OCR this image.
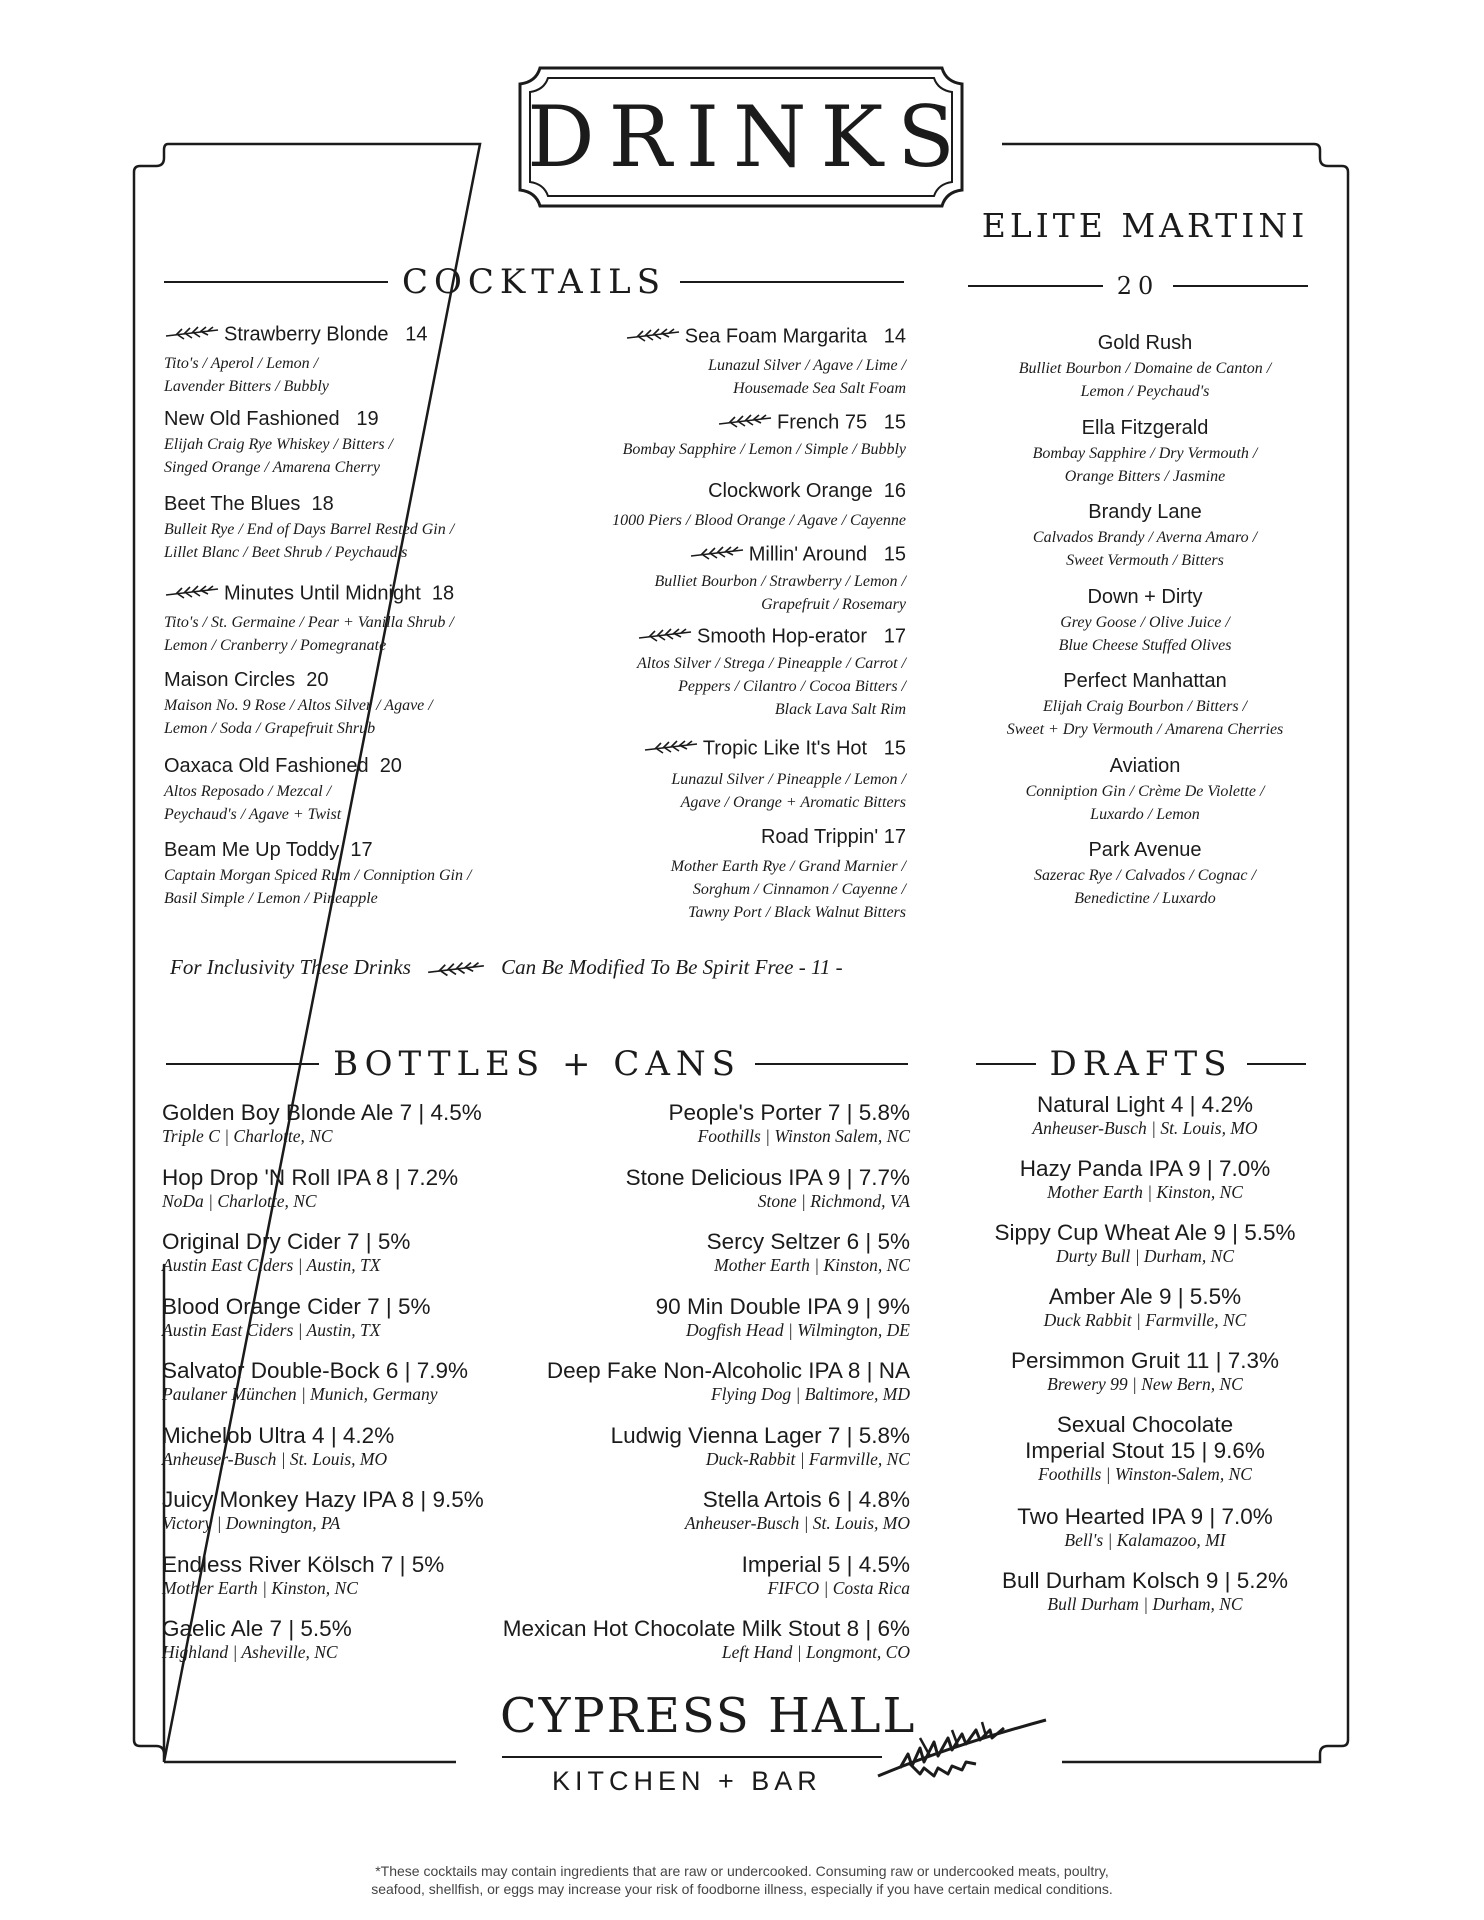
DRINKS
COCKTAILS
Strawberry Blonde 14
Tito's / Aperol / Lemon /
Lavender Bitters / Bubbly
New Old Fashioned 19
Elijah Craig Rye Whiskey / Bitters /
Singed Orange / Amarena Cherry
Beet The Blues 18
Bulleit Rye / End of Days Barrel Rested Gin /
Lillet Blanc / Beet Shrub / Peychaud's
Minutes Until Midnight 18
Tito's / St. Germaine / Pear + Vanilla Shrub /
Lemon / Cranberry / Pomegranate
Maison Circles 20
Maison No. 9 Rose / Altos Silver / Agave /
Lemon / Soda / Grapefruit Shrub
Oaxaca Old Fashioned 20
Altos Reposado / Mezcal /
Peychaud's / Agave + Twist
Beam Me Up Toddy 17
Captain Morgan Spiced Rum / Conniption Gin /
Basil Simple / Lemon / Pineapple
Sea Foam Margarita 14
Lunazul Silver / Agave / Lime /
Housemade Sea Salt Foam
French 75 15
Bombay Sapphire / Lemon / Simple / Bubbly
Clockwork Orange 16
1000 Piers / Blood Orange / Agave / Cayenne
Millin' Around 15
Bulliet Bourbon / Strawberry / Lemon /
Grapefruit / Rosemary
Smooth Hop-erator 17
Altos Silver / Strega / Pineapple / Carrot /
Peppers / Cilantro / Cocoa Bitters /
Black Lava Salt Rim
Tropic Like It's Hot 15
Lunazul Silver / Pineapple / Lemon /
Agave / Orange + Aromatic Bitters
Road Trippin' 17
Mother Earth Rye / Grand Marnier /
Sorghum / Cinnamon / Cayenne /
Tawny Port / Black Walnut Bitters
For Inclusivity These Drinks	Can Be Modified To Be Spirit Free - 11 -
ELITE MARTINI
20
Gold Rush
Bulliet Bourbon / Domaine de Canton /
Lemon / Peychaud's
Ella Fitzgerald
Bombay Sapphire / Dry Vermouth /
Orange Bitters / Jasmine
Brandy Lane
Calvados Brandy / Averna Amaro /
Sweet Vermouth / Bitters
Down + Dirty
Grey Goose / Olive Juice /
Blue Cheese Stuffed Olives
Perfect Manhattan
Elijah Craig Bourbon / Bitters /
Sweet + Dry Vermouth / Amarena Cherries
Aviation
Conniption Gin / Crème De Violette /
Luxardo / Lemon
Park Avenue
Sazerac Rye / Calvados / Cognac /
Benedictine / Luxardo
BOTTLES + CANS
Golden Boy Blonde Ale 7 | 4.5%
Triple C | Charlotte, NC
Hop Drop 'N Roll IPA 8 | 7.2%
NoDa | Charlotte, NC
Original Dry Cider 7 | 5%
Austin East Ciders | Austin, TX
Blood Orange Cider 7 | 5%
Austin East Ciders | Austin, TX
Salvator Double-Bock 6 | 7.9%
Paulaner München | Munich, Germany
Michelob Ultra 4 | 4.2%
Anheuser-Busch | St. Louis, MO
Juicy Monkey Hazy IPA 8 | 9.5%
Victory | Downington, PA
Endless River Kölsch 7 | 5%
Mother Earth | Kinston, NC
Gaelic Ale 7 | 5.5%
Highland | Asheville, NC
People's Porter 7 | 5.8%
Foothills | Winston Salem, NC
Stone Delicious IPA 9 | 7.7%
Stone | Richmond, VA
Sercy Seltzer 6 | 5%
Mother Earth | Kinston, NC
90 Min Double IPA 9 | 9%
Dogfish Head | Wilmington, DE
Deep Fake Non-Alcoholic IPA 8 | NA
Flying Dog | Baltimore, MD
Ludwig Vienna Lager 7 | 5.8%
Duck-Rabbit | Farmville, NC
Stella Artois 6 | 4.8%
Anheuser-Busch | St. Louis, MO
Imperial 5 | 4.5%
FIFCO | Costa Rica
Mexican Hot Chocolate Milk Stout 8 | 6%
Left Hand | Longmont, CO
DRAFTS
Natural Light 4 | 4.2%
Anheuser-Busch | St. Louis, MO
Hazy Panda IPA 9 | 7.0%
Mother Earth | Kinston, NC
Sippy Cup Wheat Ale 9 | 5.5%
Durty Bull | Durham, NC
Amber Ale 9 | 5.5%
Duck Rabbit | Farmville, NC
Persimmon Gruit 11 | 7.3%
Brewery 99 | New Bern, NC
Sexual Chocolate
Imperial Stout 15 | 9.6%
Foothills | Winston-Salem, NC
Two Hearted IPA 9 | 7.0%
Bell's | Kalamazoo, MI
Bull Durham Kolsch 9 | 5.2%
Bull Durham | Durham, NC
CYPRESS HALL
KITCHEN + BAR
*These cocktails may contain ingredients that are raw or undercooked. Consuming raw or undercooked meats, poultry,
seafood, shellfish, or eggs may increase your risk of foodborne illness, especially if you have certain medical conditions.
